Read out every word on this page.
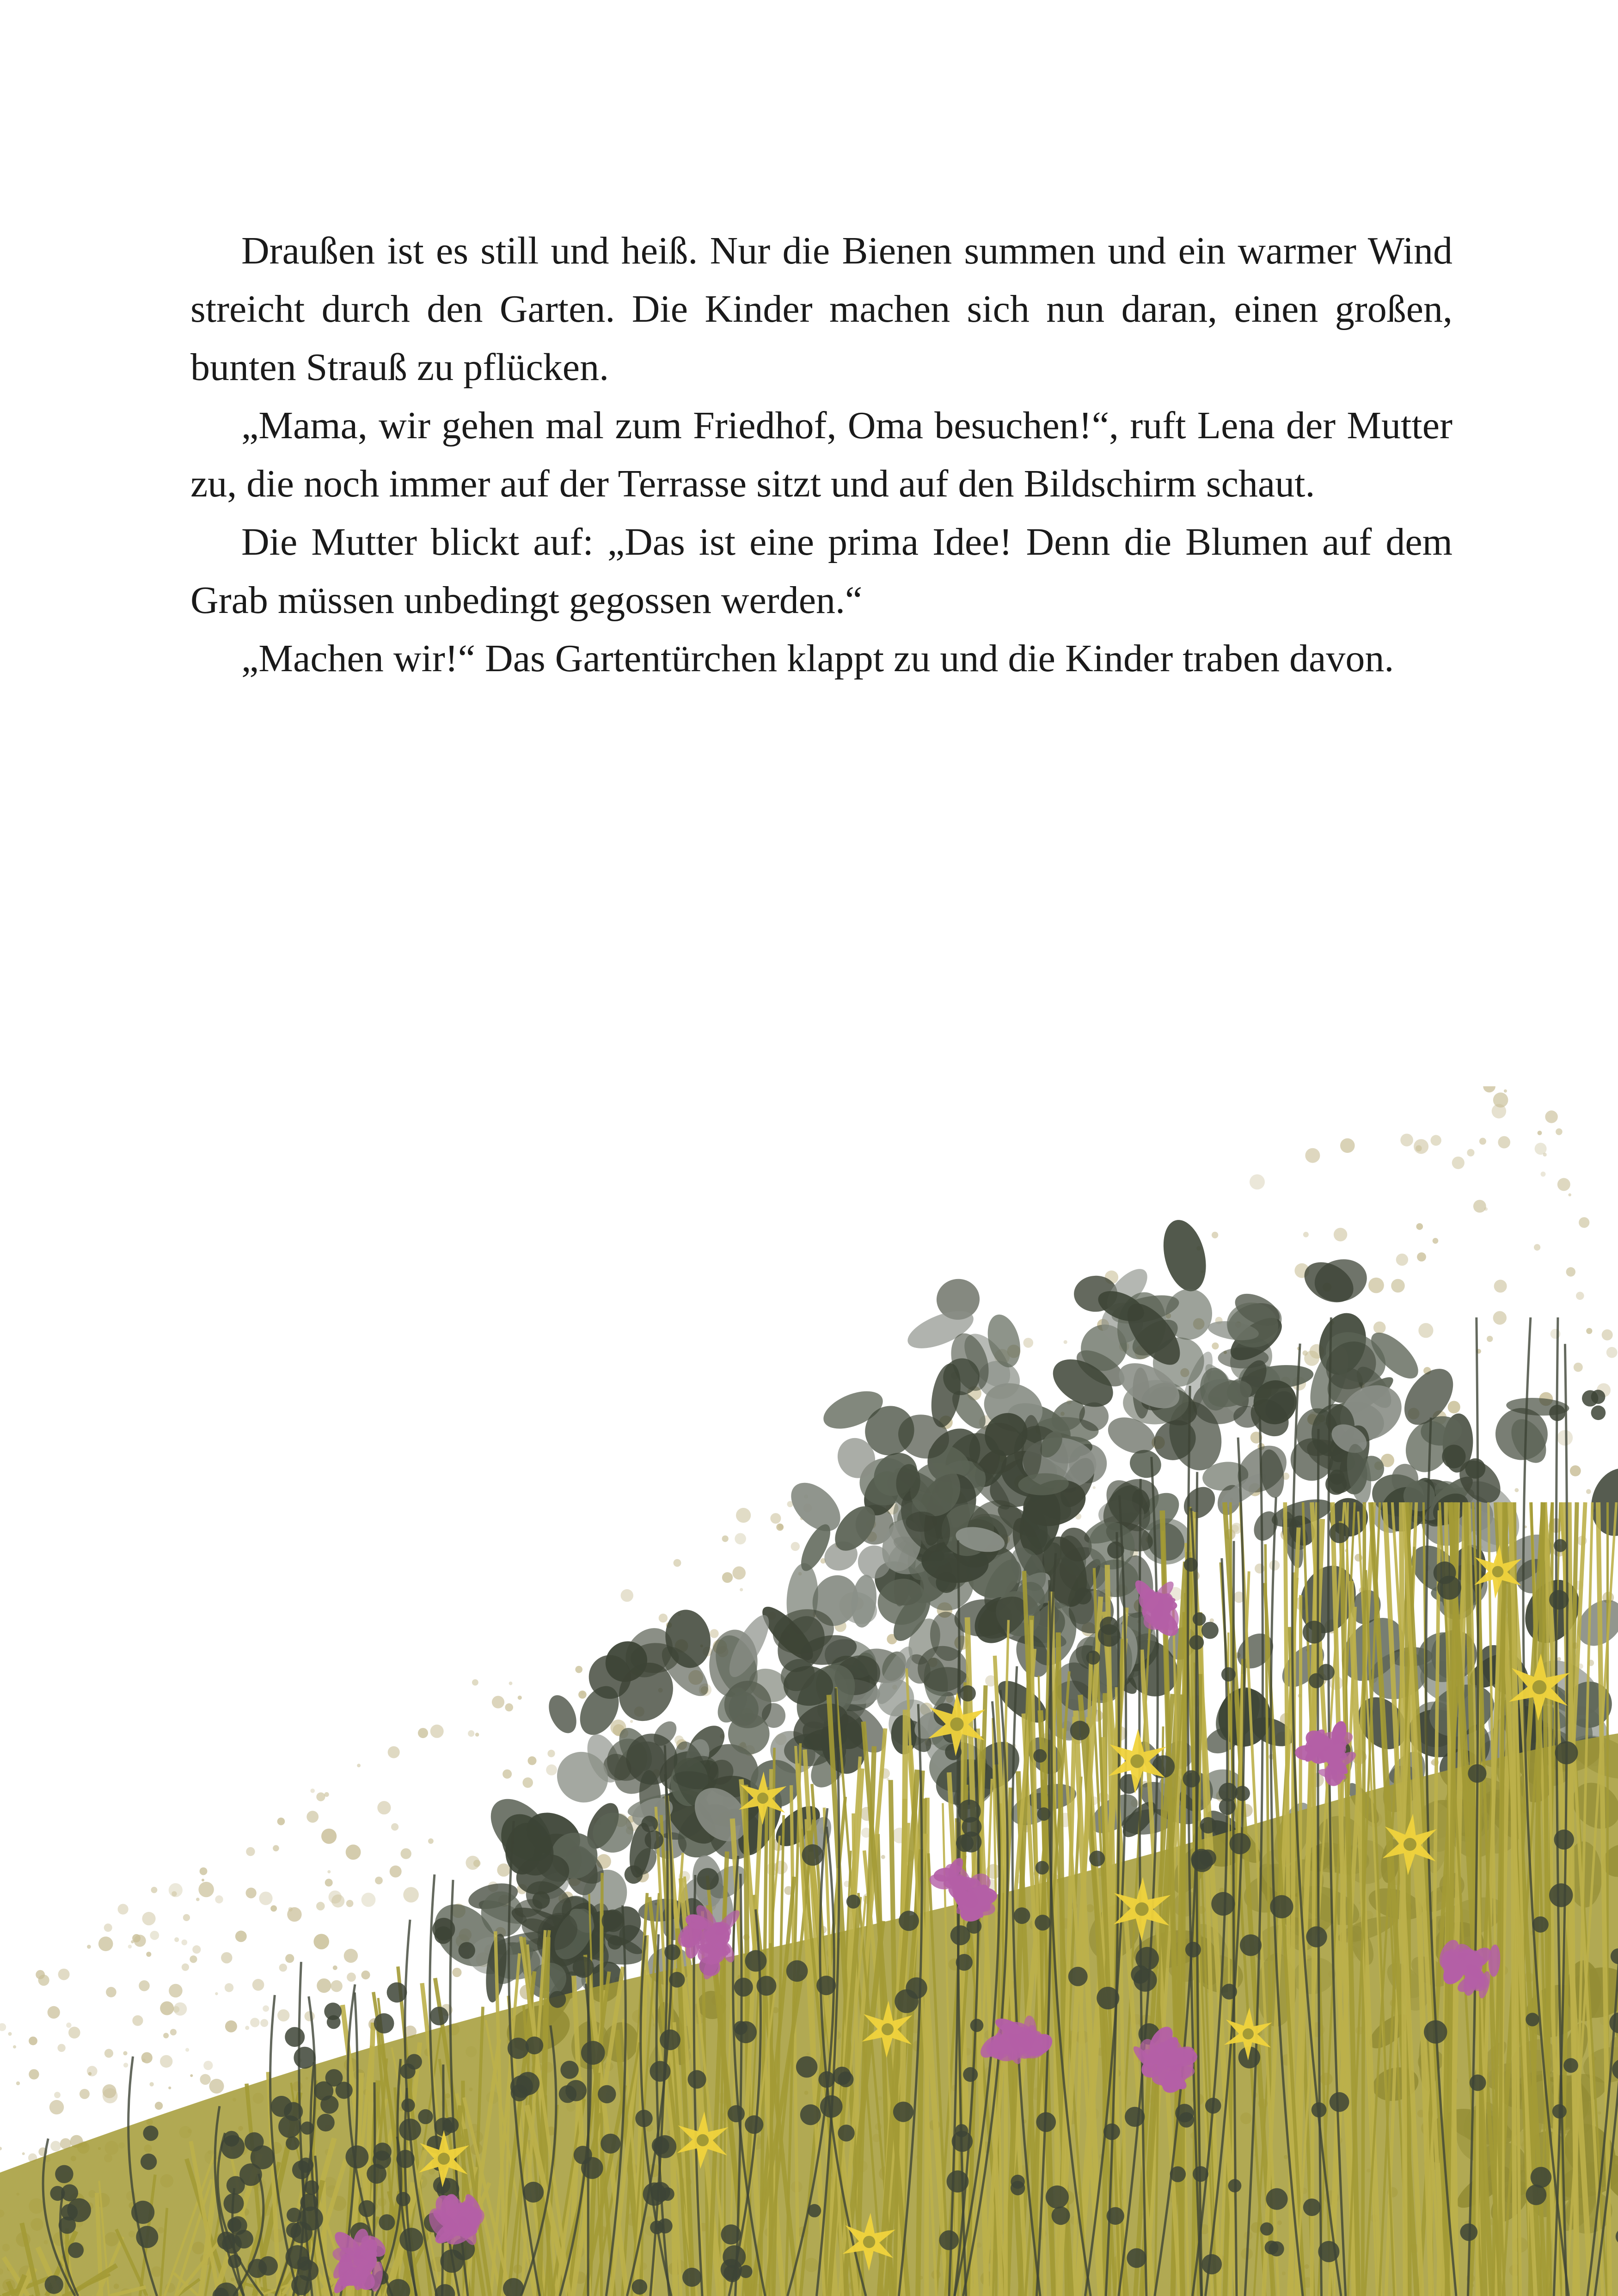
Draußen ist es still und heiß. Nur die Bienen summen und ein warmer Wind streicht durch den Garten. Die Kinder machen sich nun daran, einen großen, bunten Strauß zu pflücken.

„Mama, wir gehen mal zum Friedhof, Oma besuchen!“, ruft Lena der Mutter zu, die noch immer auf der Terrasse sitzt und auf den Bildschirm schaut.

Die Mutter blickt auf: „Das ist eine prima Idee! Denn die Blumen auf dem Grab müssen unbedingt gegossen werden.“

„Machen wir!“ Das Gartentürchen klappt zu und die Kinder traben davon.
